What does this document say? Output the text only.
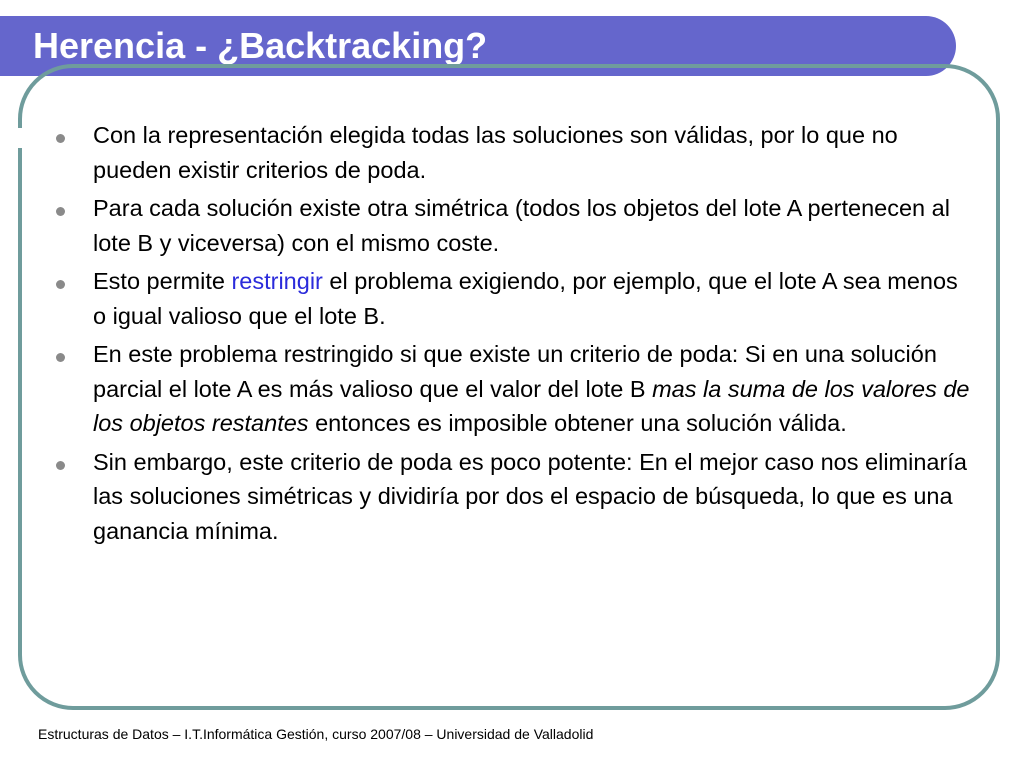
Herencia - ¿Backtracking?
Con la representación elegida todas las soluciones son válidas, por lo que no pueden existir criterios de poda.
Para cada solución existe otra simétrica (todos los objetos del lote A pertenecen al lote B y viceversa) con el mismo coste.
Esto permite restringir el problema exigiendo, por ejemplo, que el lote A sea menos o igual valioso que el lote B.
En este problema restringido si que existe un criterio de poda: Si en una solución parcial el lote A es más valioso que el valor del lote B mas la suma de los valores de los objetos restantes entonces es imposible obtener una solución válida.
Sin embargo, este criterio de poda es poco potente: En el mejor caso nos eliminaría las soluciones simétricas y dividiría por dos el espacio de búsqueda, lo que es una ganancia mínima.
Estructuras de Datos – I.T.Informática Gestión, curso 2007/08 – Universidad de Valladolid
